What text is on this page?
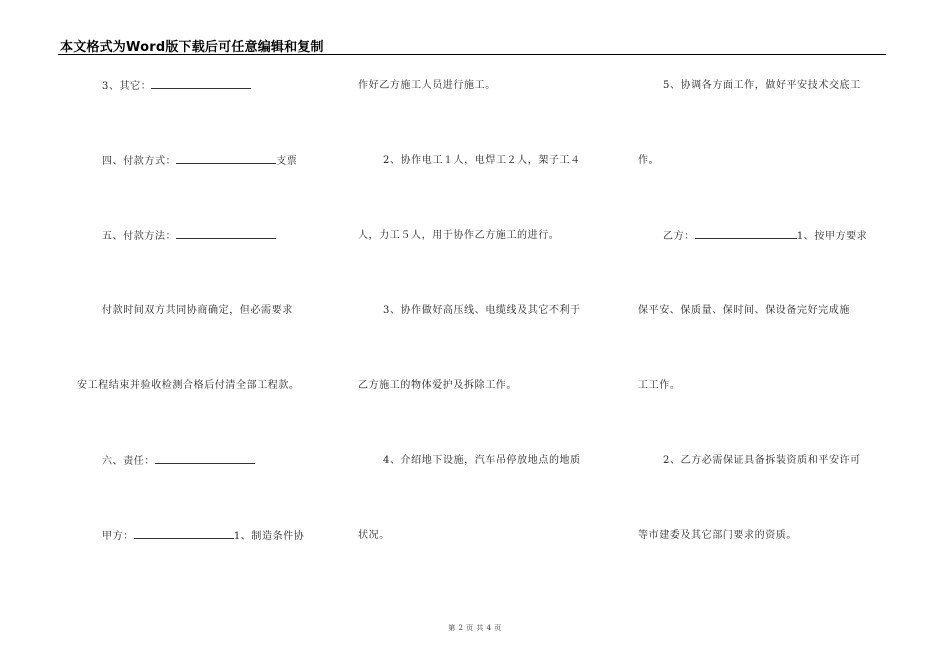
本文格式为Word版下载后可任意编辑和复制
3、其它：
四、付款方式：	支票
五、付款方法：
付款时间双方共同协商确定，但必需要求
安工程结束并验收检测合格后付清全部工程款。
六、责任：
甲方：	1、制造条件协
作好乙方施工人员进行施工。
2、协作电工１人，电焊工２人，架子工４
人，力工５人，用于协作乙方施工的进行。
3、协作做好高压线、电缆线及其它不利于
乙方施工的物体爱护及拆除工作。
4、介绍地下设施，汽车吊停放地点的地质
状况。
5、协调各方面工作，做好平安技术交底工
作。
乙方：	1、按甲方要求
保平安、保质量、保时间、保设备完好完成施
工工作。
2、乙方必需保证具备拆装资质和平安许可
等市建委及其它部门要求的资质。
第 2 页 共 4 页
